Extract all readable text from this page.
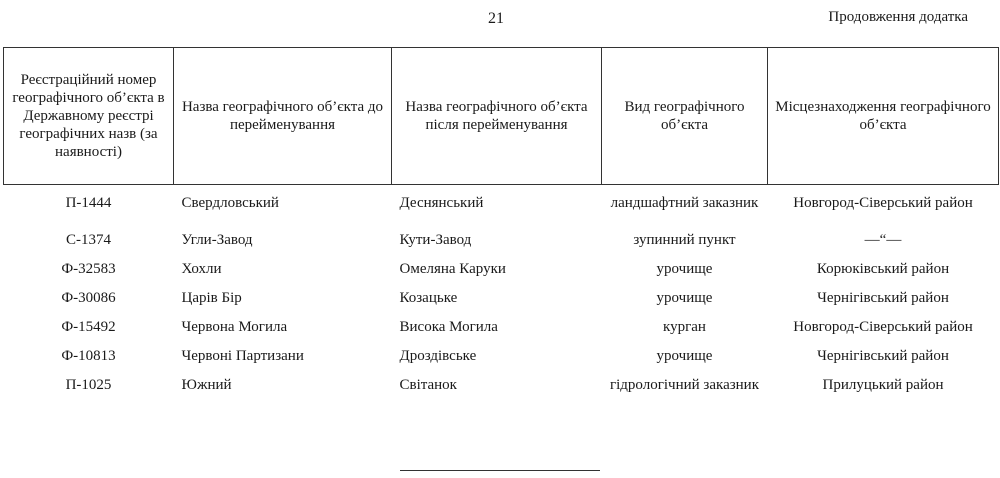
21	Продовження додатка
Реєстраційний номер географічного об’єкта в Державному реєстрі географічних назв (за наявності)	Назва географічного об’єкта до перейменування	Назва географічного об’єкта після перейменування	Вид географічного об’єкта	Місцезнаходження географічного об’єкта
П-1444	Свердловський	Деснянський	ландшафтний заказник	Новгород-Сіверський район
С-1374	Угли-Завод	Кути-Завод	зупинний пункт	—“—
Ф-32583	Хохли	Омеляна Каруки	урочище	Корюківський район
Ф-30086	Царів Бір	Козацьке	урочище	Чернігівський район
Ф-15492	Червона Могила	Висока Могила	курган	Новгород-Сіверський район
Ф-10813	Червоні Партизани	Дроздівське	урочище	Чернігівський район
П-1025	Южний	Світанок	гідрологічний заказник	Прилуцький район
